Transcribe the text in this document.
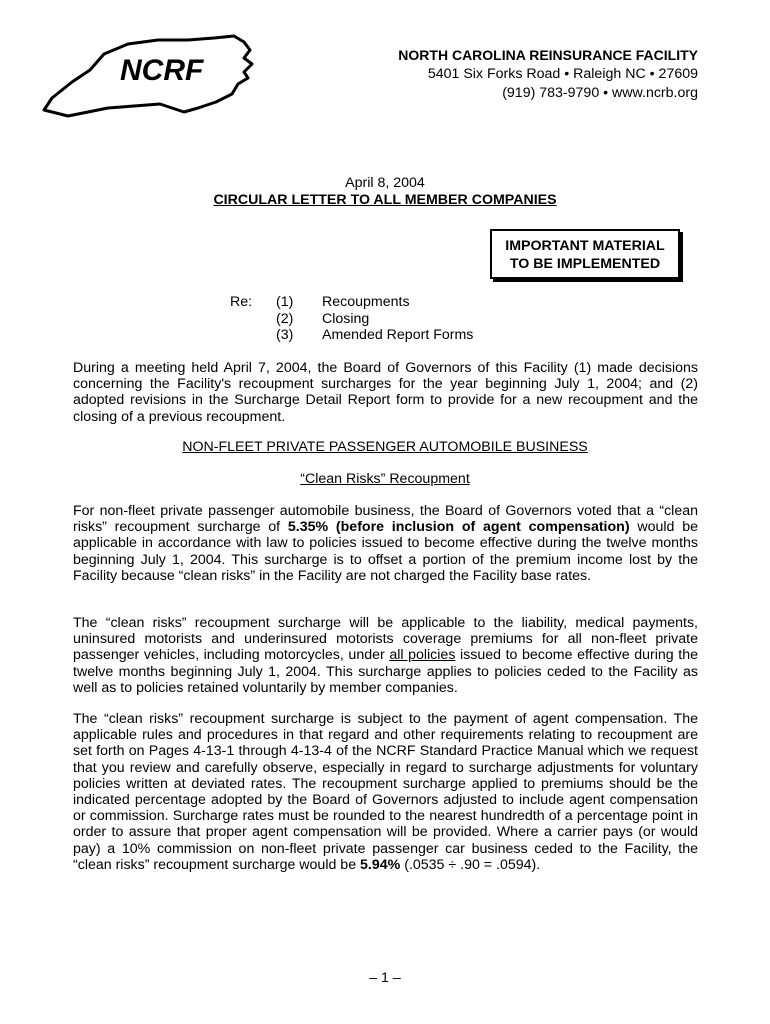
NCRF	NORTH CAROLINA REINSURANCE FACILITY
5401 Six Forks Road • Raleigh NC • 27609
(919) 783-9790 • www.ncrb.org
April 8, 2004
CIRCULAR LETTER TO ALL MEMBER COMPANIES
IMPORTANT MATERIAL
TO BE IMPLEMENTED
Re: (1) Recoupments
(2) Closing
(3) Amended Report Forms
During a meeting held April 7, 2004, the Board of Governors of this Facility (1) made decisions concerning the Facility's recoupment surcharges for the year beginning July 1, 2004; and (2) adopted revisions in the Surcharge Detail Report form to provide for a new recoupment and the closing of a previous recoupment.
NON-FLEET PRIVATE PASSENGER AUTOMOBILE BUSINESS
“Clean Risks” Recoupment
For non-fleet private passenger automobile business, the Board of Governors voted that a “clean risks” recoupment surcharge of 5.35% (before inclusion of agent compensation) would be applicable in accordance with law to policies issued to become effective during the twelve months beginning July 1, 2004. This surcharge is to offset a portion of the premium income lost by the Facility because “clean risks” in the Facility are not charged the Facility base rates.
The “clean risks” recoupment surcharge will be applicable to the liability, medical payments, uninsured motorists and underinsured motorists coverage premiums for all non-fleet private passenger vehicles, including motorcycles, under all policies issued to become effective during the twelve months beginning July 1, 2004. This surcharge applies to policies ceded to the Facility as well as to policies retained voluntarily by member companies.
The “clean risks” recoupment surcharge is subject to the payment of agent compensation. The applicable rules and procedures in that regard and other requirements relating to recoupment are set forth on Pages 4-13-1 through 4-13-4 of the NCRF Standard Practice Manual which we request that you review and carefully observe, especially in regard to surcharge adjustments for voluntary policies written at deviated rates. The recoupment surcharge applied to premiums should be the indicated percentage adopted by the Board of Governors adjusted to include agent compensation or commission. Surcharge rates must be rounded to the nearest hundredth of a percentage point in order to assure that proper agent compensation will be provided. Where a carrier pays (or would pay) a 10% commission on non-fleet private passenger car business ceded to the Facility, the “clean risks” recoupment surcharge would be 5.94% (.0535 ÷ .90 = .0594).
– 1 –
